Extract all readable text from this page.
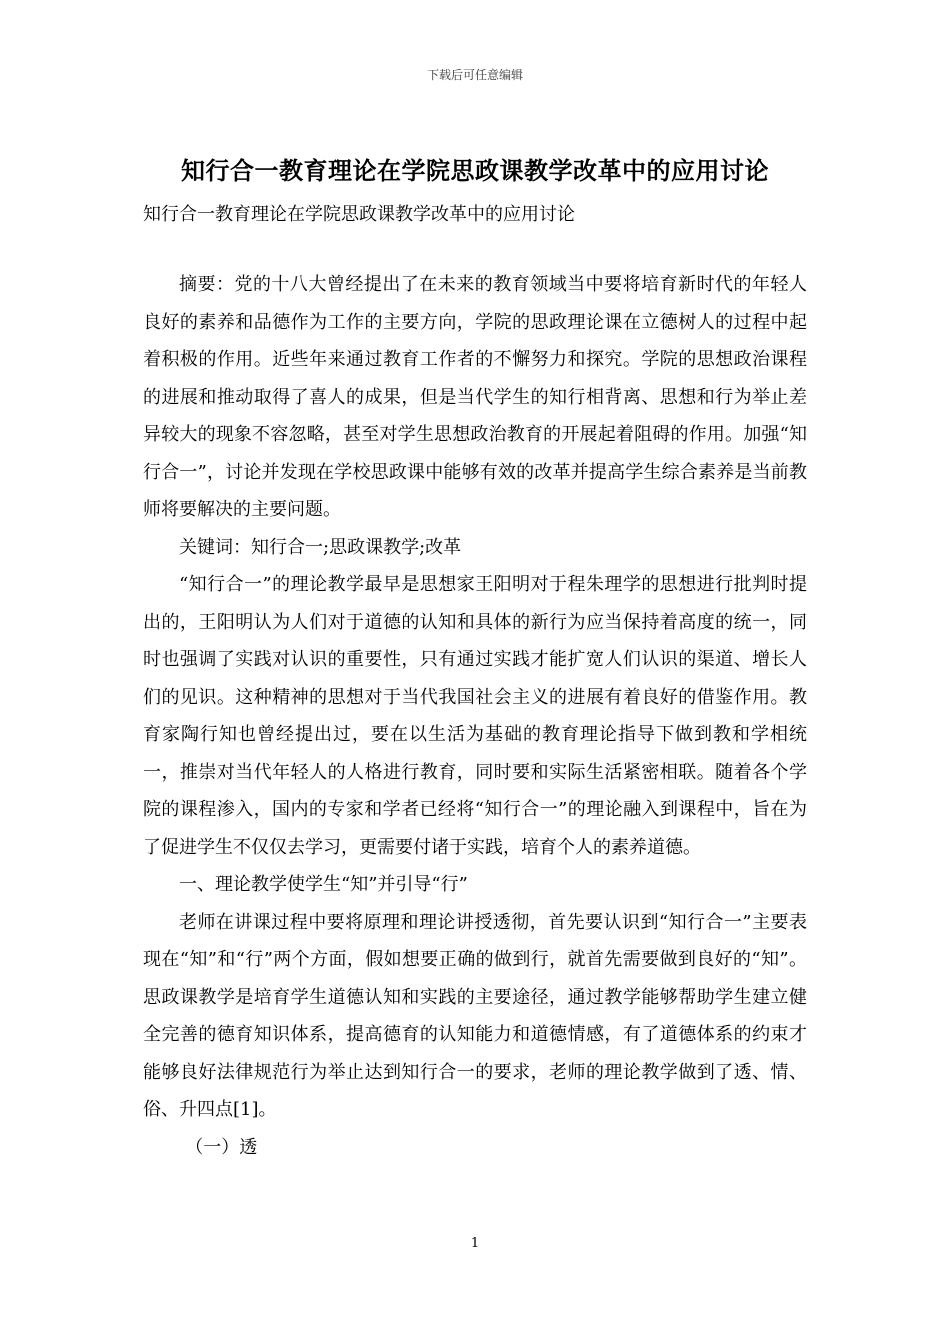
下载后可任意编辑
知行合一教育理论在学院思政课教学改革中的应用讨论
知行合一教育理论在学院思政课教学改革中的应用讨论

摘要：党的十八大曾经提出了在未来的教育领域当中要将培育新时代的年轻人良好的素养和品德作为工作的主要方向，学院的思政理论课在立德树人的过程中起着积极的作用。近些年来通过教育工作者的不懈努力和探究。学院的思想政治课程的进展和推动取得了喜人的成果，但是当代学生的知行相背离、思想和行为举止差异较大的现象不容忽略，甚至对学生思想政治教育的开展起着阻碍的作用。加强“知行合一”，讨论并发现在学校思政课中能够有效的改革并提高学生综合素养是当前教师将要解决的主要问题。

关键词：知行合一;思政课教学;改革

“知行合一”的理论教学最早是思想家王阳明对于程朱理学的思想进行批判时提出的，王阳明认为人们对于道德的认知和具体的新行为应当保持着高度的统一，同时也强调了实践对认识的重要性，只有通过实践才能扩宽人们认识的渠道、增长人们的见识。这种精神的思想对于当代我国社会主义的进展有着良好的借鉴作用。教育家陶行知也曾经提出过，要在以生活为基础的教育理论指导下做到教和学相统一，推崇对当代年轻人的人格进行教育，同时要和实际生活紧密相联。随着各个学院的课程渗入，国内的专家和学者已经将“知行合一”的理论融入到课程中，旨在为了促进学生不仅仅去学习，更需要付诸于实践，培育个人的素养道德。

一、理论教学使学生“知”并引导“行”

老师在讲课过程中要将原理和理论讲授透彻，首先要认识到“知行合一”主要表现在“知”和“行”两个方面，假如想要正确的做到行，就首先需要做到良好的“知”。思政课教学是培育学生道德认知和实践的主要途径，通过教学能够帮助学生建立健全完善的德育知识体系，提高德育的认知能力和道德情感，有了道德体系的约束才能够良好法律规范行为举止达到知行合一的要求，老师的理论教学做到了透、情、俗、升四点[1]。

（一）透

1
